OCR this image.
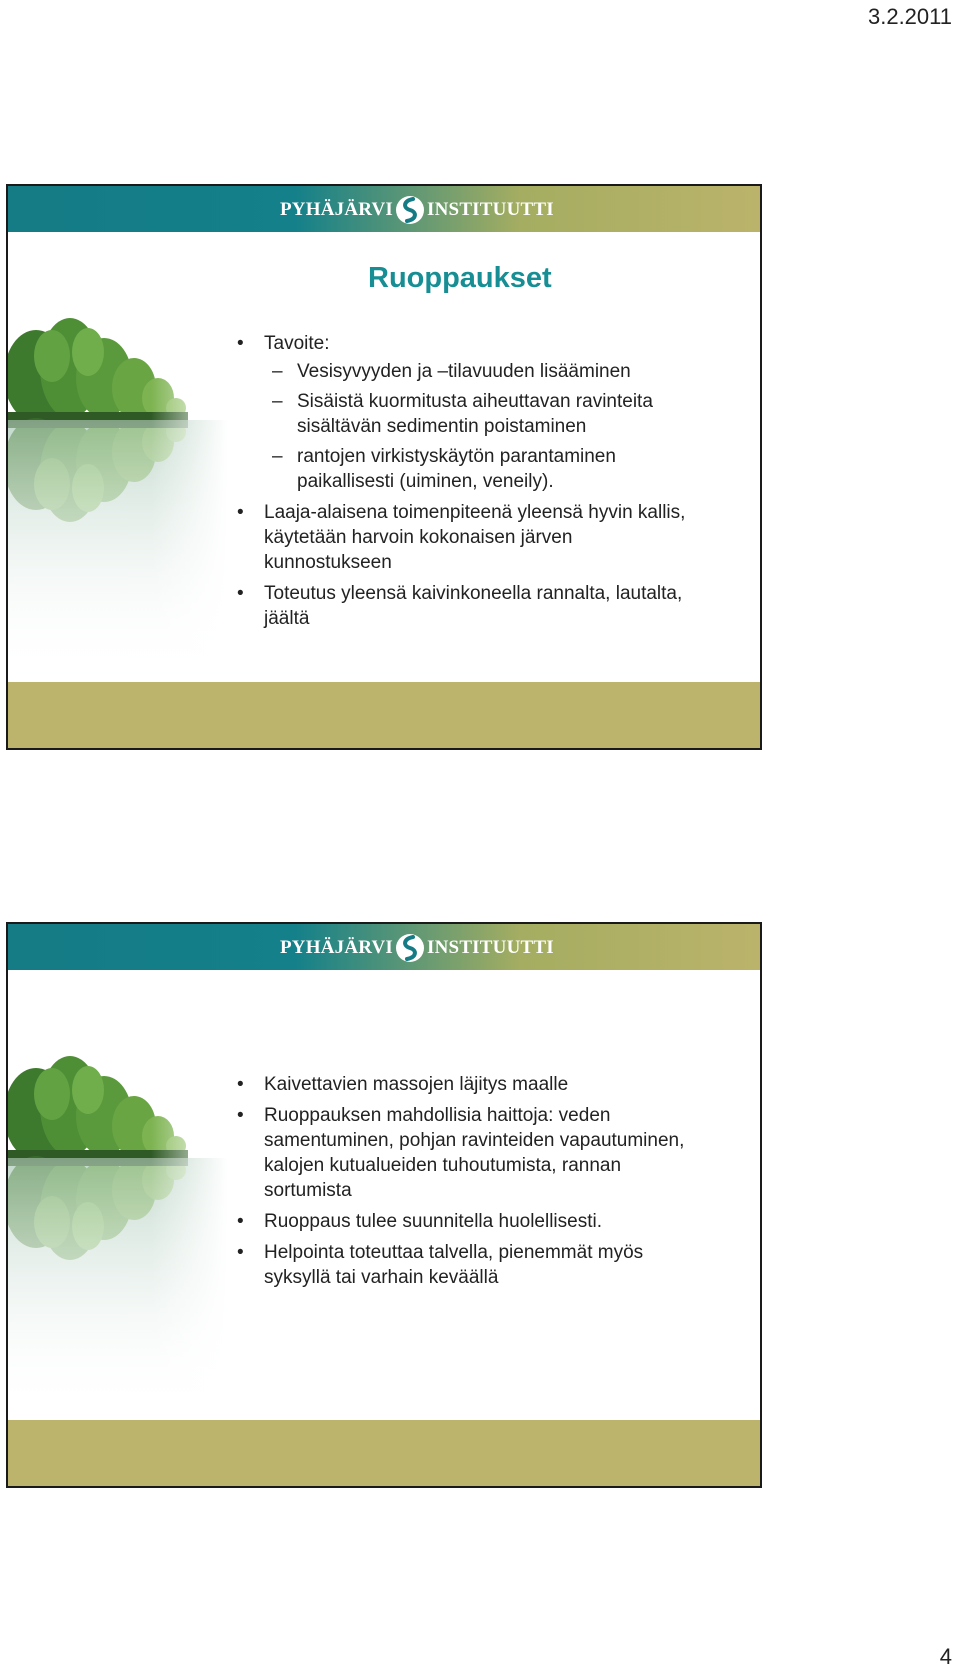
3.2.2011
PYHÄJÄRVI INSTITUUTTI
Ruoppaukset
• Tavoite:
– Vesisyvyyden ja –tilavuuden lisääminen
– Sisäistä kuormitusta aiheuttavan ravinteita sisältävän sedimentin poistaminen
– rantojen virkistyskäytön parantaminen paikallisesti (uiminen, veneily).
• Laaja-alaisena toimenpiteenä yleensä hyvin kallis, käytetään harvoin kokonaisen järven kunnostukseen
• Toteutus yleensä kaivinkoneella rannalta, lautalta, jäältä
PYHÄJÄRVI INSTITUUTTI
• Kaivettavien massojen läjitys maalle
• Ruoppauksen mahdollisia haittoja: veden samentuminen, pohjan ravinteiden vapautuminen, kalojen kutualueiden tuhoutumista, rannan sortumista
• Ruoppaus tulee suunnitella huolellisesti.
• Helpointa toteuttaa talvella, pienemmät myös syksyllä tai varhain keväällä
4
